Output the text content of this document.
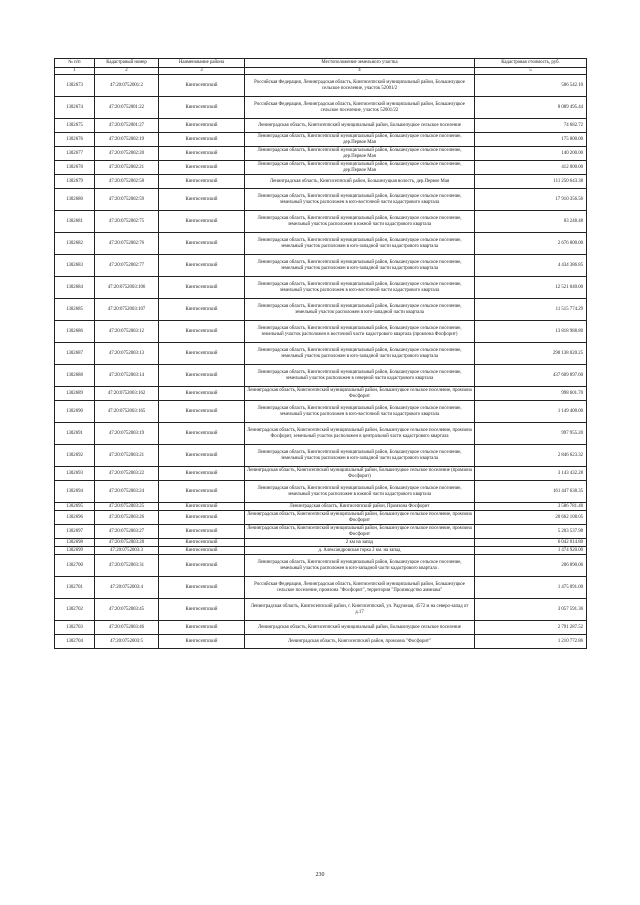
№ п/п	Кадастровый номер	Наименование района	Местоположение земельного участка	Кадастровая стоимость, руб.
1	2	3	4	5
1302673	47:20:0752001:2	Кингисеппский	Российская Федерация, Ленинградская область, Кингисеппский муниципальный район, Большелуцкое сельское поселение, участок 52001/2	586 542.10
1302674	47:20:0752001:22	Кингисеппский	Российская Федерация, Ленинградская область, Кингисеппский муниципальный район, Большелуцкое сельское поселение, участок 52001/22	8 089 495.44
1302675	47:20:0752001:27	Кингисеппский	Ленинградская область, Кингисеппский муниципальный район, Большелуцкое сельское поселение	74 682.72
1302676	47:20:0752002:19	Кингисеппский	Ленинградская область, Кингисеппский муниципальный район, Большелуцкое сельское поселение, дер.Первое Мая	175 000.00
1302677	47:20:0752002:20	Кингисеппский	Ленинградская область, Кингисеппский муниципальный район, Большелуцкое сельское поселение, дер.Первое Мая	140 200.00
1302678	47:20:0752002:21	Кингисеппский	Ленинградская область, Кингисеппский муниципальный район, Большелуцкое сельское поселение, дер.Первое Мая	412 000.00
1302679	47:20:0752002:58	Кингисеппский	Ленинградская область, Кингисеппский район, Большелуцкая волость, дер.Первое Мая	111 250 643.38
1302680	47:20:0752002:59	Кингисеппский	Ленинградская область, Кингисеппский муниципальный район, Большелуцкое сельское поселение, земельный участок расположен в юго-восточной части кадастрового квартала	17 910 356.56
1302681	47:20:0752002:75	Кингисеппский	Ленинградская область, Кингисеппский муниципальный район, Большелуцкое сельское поселение, земельный участок расположен в южной части кадастрового квартала	83 248.48
1302682	47:20:0752002:76	Кингисеппский	Ленинградская область, Кингисеппский муниципальный район, Большелуцкое сельское поселение, земельный участок расположен в юго-западной части кадастрового квартала	2 676 800.00
1302683	47:20:0752002:77	Кингисеппский	Ленинградская область, Кингисеппский муниципальный район, Большелуцкое сельское поселение, земельный участок расположен в юго-западной части кадастрового квартала	4 434 386.85
1302684	47:20:0752003:106	Кингисеппский	Ленинградская область, Кингисеппский муниципальный район, Большелуцкое сельское поселение, земельный участок расположен в юго-восточной части кадастрового квартала	12 521 040.00
1302685	47:20:0752003:107	Кингисеппский	Ленинградская область, Кингисеппский муниципальный район, Большелуцкое сельское поселение, земельный участок расположен в юго-западной части квартала	11 515 774.29
1302686	47:20:0752003:12	Кингисеппский	Ленинградская область, Кингисеппский муниципальный район, Большелуцкое сельское поселение, земельный участок расположен в восточной части кадастрового квартала (промзона Фосфорит)	13 818 988.80
1302687	47:20:0752003:13	Кингисеппский	Ленинградская область, Кингисеппский муниципальный район, Большелуцкое сельское поселение, земельный участок расположен в юго-западной части кадастрового квартала	298 138 020.25
1302688	47:20:0752003:14	Кингисеппский	Ленинградская область, Кингисеппский муниципальный район, Большелуцкое сельское поселение, земельный участок расположен в северной части кадастрового квартала	437 609 897.60
1302689	47:20:0752003:162	Кингисеппский	Ленинградская область, Кингисеппский муниципальный район, Большелуцкое сельское поселение, промзона Фосфорит	998 601.70
1302690	47:20:0752003:165	Кингисеппский	Ленинградская область, Кингисеппский муниципальный район, Большелуцкое сельское поселение, земельный участок расположен в юго-восточной части кадастрового квартала	1 149 400.00
1302691	47:20:0752003:19	Кингисеппский	Ленинградская область, Кингисеппский муниципальный район, Большелуцкое сельское поселение, промзона Фосфорит, земельный участок расположен в центральной части кадастрового квартала	997 955.20
1302692	47:20:0752003:21	Кингисеппский	Ленинградская область, Кингисеппский муниципальный район, Большелуцкое сельское поселение, земельный участок расположен в юго-западной части кадастрового квартала	2 846 623.32
1302693	47:20:0752003:22	Кингисеппский	Ленинградская область, Кингисеппский муниципальный район, Большелуцкое сельское поселение (промзона Фосфорит)	3 143 432.28
1302694	47:20:0752003:24	Кингисеппский	Ленинградская область, Кингисеппский муниципальный район, Большелуцкое сельское поселение, земельный участок расположен в южной части кадастрового квартала	161 447 638.35
1302695	47:20:0752003:25	Кингисеппский	Ленинградская область, Кингисеппский район, Промзона Фосфорит	3 586 781.48
1302696	47:20:0752003:26	Кингисеппский	Ленинградская область, Кингисеппский муниципальный район, Большелуцкое сельское поселение, промзона Фосфорит	20 662 108.05
1302697	47:20:0752003:27	Кингисеппский	Ленинградская область, Кингисеппский муниципальный район, Большелуцкое сельское поселение, промзона Фосфорит	5 203 537.98
1302698	47:20:0752003:28	Кингисеппский	2 км на запад	6 042 014.80
1302699	47:20:0752003:3	Кингисеппский	д. Александровская горка 2 км. на запад	1 474 920.00
1302700	47:20:0752003:31	Кингисеппский	Ленинградская область, Кингисеппский муниципальный район, Большелуцкое сельское поселение, земельный участок расположен в юго-западной части кадастрового квартала .	206 890.06
1302701	47:20:0752003:4	Кингисеппский	Российская Федерация, Ленинградская область, Кингисеппский муниципальный район, Большелуцкое сельское поселение, промзона "Фосфорит", территория "Производство аммиака"	1 475 091.00
1302702	47:20:0752003:45	Кингисеппский	Ленинградская область, Кингисеппский район, г. Кингисеппский, ул. Радужная, 4572 м на северо-запад от д.17	3 057 591.36
1302703	47:20:0752003:46	Кингисеппский	Ленинградская область, Кингисеппский муниципальный район, Большелуцкое сельское поселение	2 791 287.52
1302704	47:20:0752003:5	Кингисеппский	Ленинградская область, Кингисеппский район, промзона "Фосфорит"	1 210 772.86
230
